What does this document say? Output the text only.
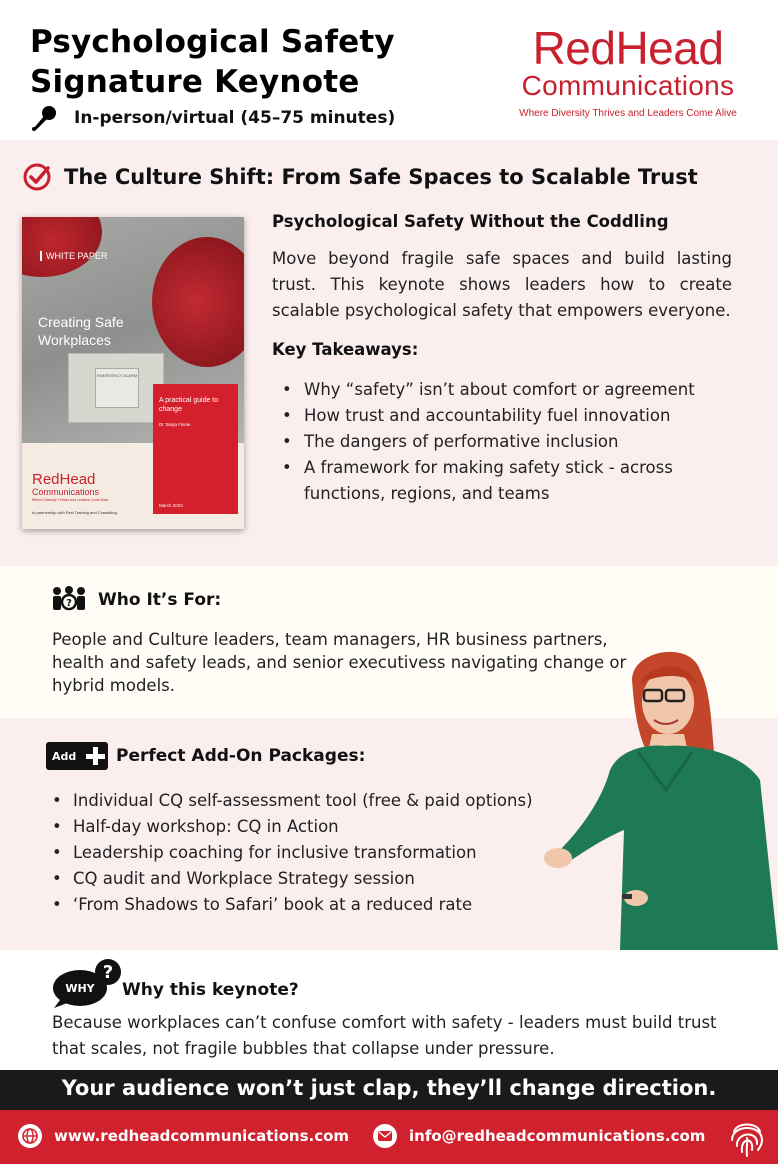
Psychological Safety
Signature Keynote
In-person/virtual (45–75 minutes)
RedHead
Communications
Where Diversity Thrives and Leaders Come Alive
The Culture Shift: From Safe Spaces to Scalable Trust
EMERGENCY ALARM
WHITE PAPER
Creating Safe
Workplaces
A practical guide to change
Dr Tanya Finnie
March 2023
RedHead
Communications
Where Diversity Thrives and Leaders Come Alive
In partnership with First Training and Consulting
Psychological Safety Without the Coddling
Move beyond fragile safe spaces and build lasting trust. This keynote shows leaders how to create scalable psychological safety that empowers everyone.
Key Takeaways:
• Why “safety” isn’t about comfort or agreement
• How trust and accountability fuel innovation
• The dangers of performative inclusion
• A framework for making safety stick - across functions, regions, and teams
? Who It’s For:
People and Culture leaders, team managers, HR business partners, health and safety leads, and senior executivess navigating change or hybrid models.
Add Perfect Add-On Packages:
• Individual CQ self-assessment tool (free & paid options)
• Half-day workshop: CQ in Action
• Leadership coaching for inclusive transformation
• CQ audit and Workplace Strategy session
• ‘From Shadows to Safari’ book at a reduced rate
?
WHY Why this keynote?
Because workplaces can’t confuse comfort with safety - leaders must build trust that scales, not fragile bubbles that collapse under pressure.
Your audience won’t just clap, they’ll change direction.
www.redheadcommunications.com	info@redheadcommunications.com
